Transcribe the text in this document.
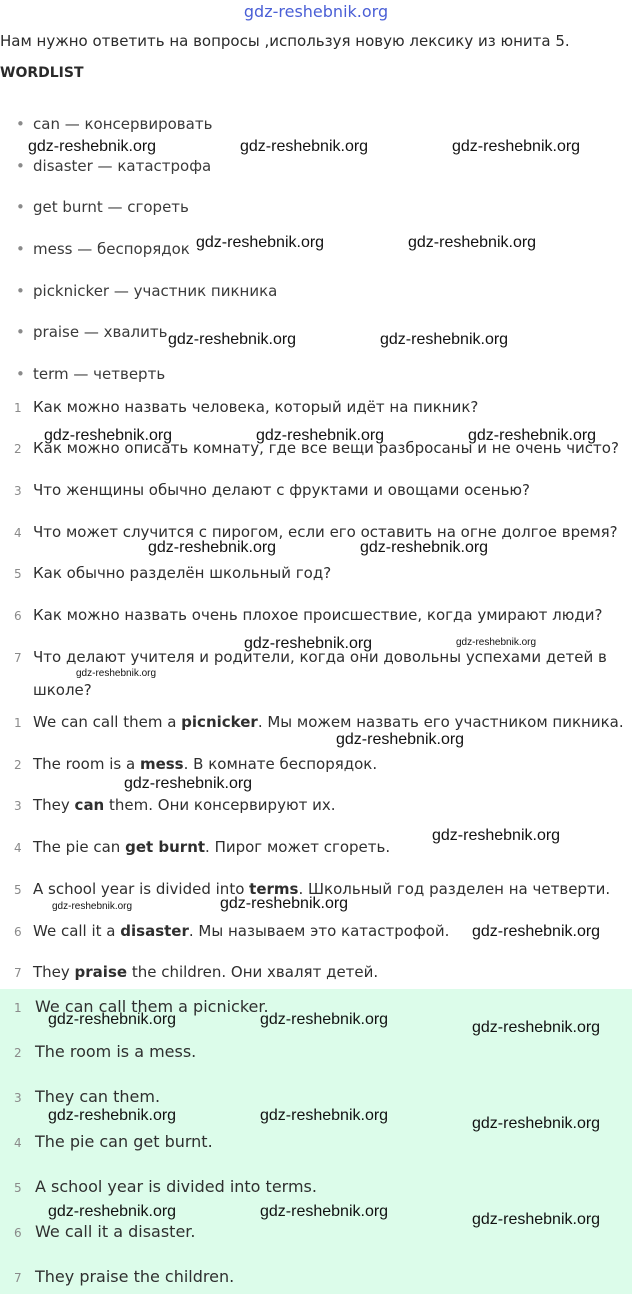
gdz-reshebnik.org
Нам нужно ответить на вопросы ,используя новую лексику из юнита 5.
WORDLIST
• can — консервировать
• disaster — катастрофа
• get burnt — сгореть
• mess — беспорядок
• picknicker — участник пикника
• praise — хвалить
• term — четверть
1 Как можно назвать человека, который идёт на пикник?
2 Как можно описать комнату, где все вещи разбросаны и не очень чисто?
3 Что женщины обычно делают с фруктами и овощами осенью?
4 Что может случится с пирогом, если его оставить на огне долгое время?
5 Как обычно разделён школьный год?
6 Как можно назвать очень плохое происшествие, когда умирают люди?
7 Что делают учителя и родители, когда они довольны успехами детей в
школе?
1 We can call them a picnicker. Мы можем назвать его участником пикника.
2 The room is a mess. В комнате беспорядок.
3 They can them. Они консервируют их.
4 The pie can get burnt. Пирог может сгореть.
5 A school year is divided into terms. Школьный год разделен на четверти.
6 We call it a disaster. Мы называем это катастрофой.
7 They praise the children. Они хвалят детей.
1 We can call them a picnicker.
2 The room is a mess.
3 They can them.
4 The pie can get burnt.
5 A school year is divided into terms.
6 We call it a disaster.
7 They praise the children.
gdz-reshebnik.org	gdz-reshebnik.org	gdz-reshebnik.org
gdz-reshebnik.org	gdz-reshebnik.org
gdz-reshebnik.org	gdz-reshebnik.org
gdz-reshebnik.org	gdz-reshebnik.org	gdz-reshebnik.org
gdz-reshebnik.org	gdz-reshebnik.org
gdz-reshebnik.org	gdz-reshebnik.org
gdz-reshebnik.org
gdz-reshebnik.org
gdz-reshebnik.org
gdz-reshebnik.org
gdz-reshebnik.org	gdz-reshebnik.org
gdz-reshebnik.org
gdz-reshebnik.org	gdz-reshebnik.org	gdz-reshebnik.org
gdz-reshebnik.org	gdz-reshebnik.org	gdz-reshebnik.org
gdz-reshebnik.org	gdz-reshebnik.org	gdz-reshebnik.org
